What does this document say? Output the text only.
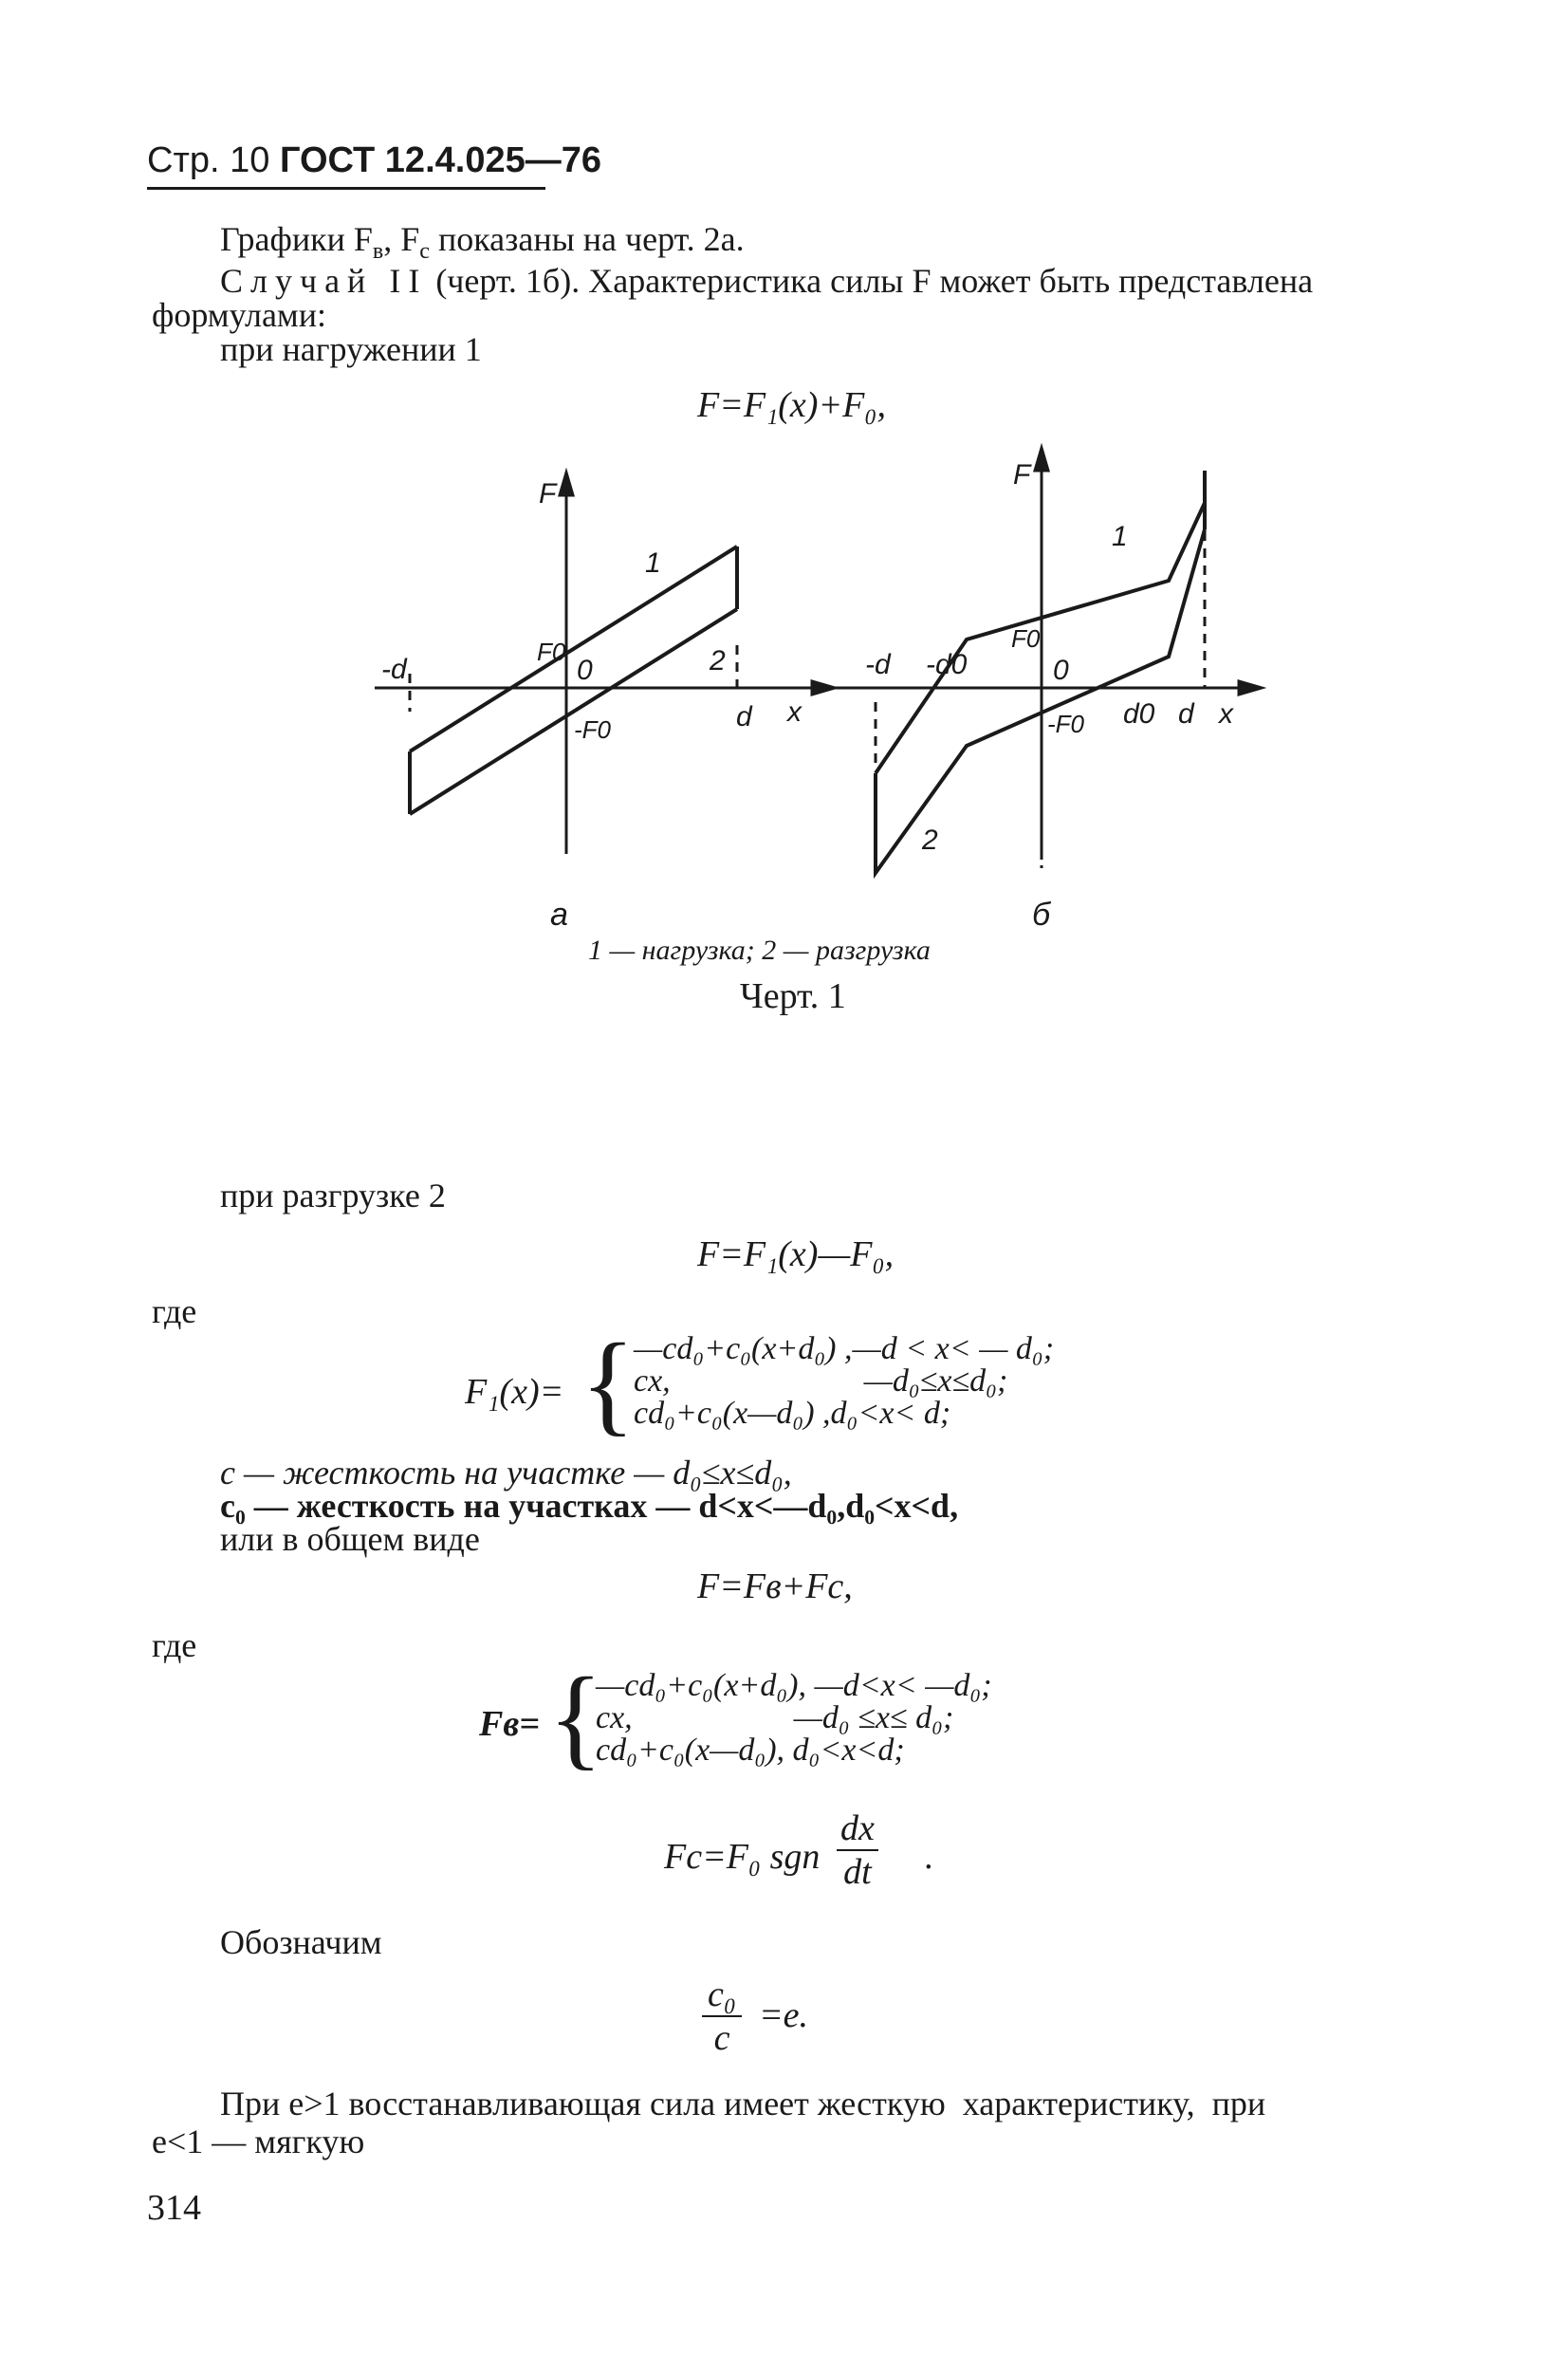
Стр. 10 ГОСТ 12.4.025—76
Графики $F_в$, $F_c$ показаны на черт. 2а.
Случай II (черт. 1б). Характеристика силы F может быть представлена
формулами:
при нагружении 1
F=F₁(x)+F₀,
F
x
-d
d
F0
-F0
0
1
2
а
F
x
-d -d0
d0 d
F0
-F0
0
1
2
б
1 — нагрузка; 2 — разгрузка
Черт. 1
при разгрузке 2
F=F₁(x)—F₀,
где
F₁(x)= {
—cd₀+c₀(x+d₀) ,—d < x< — d₀;
cx,                        —d₀≤x≤d₀;
cd₀+c₀(x—d₀) ,d₀<x< d;
c — жесткость на участке — d₀≤x≤d₀,
c₀ — жесткость на участках — d<x<—d₀,d₀<x<d,
или в общем виде
F=Fв+Fc,
где
Fв= {
—cd₀+c₀(x+d₀), —d<x< —d₀;
cx,                    —d₀ ≤x≤ d₀;
cd₀+c₀(x—d₀), d₀<x<d;
Fc=F₀ sgn $\frac{dx}{dt}$ .
Обозначим
$\frac{\text{c₀}}{c} =e$.
При e>1 восстанавливающая сила имеет жесткую  характеристику,  при
e<1 — мягкую
314
